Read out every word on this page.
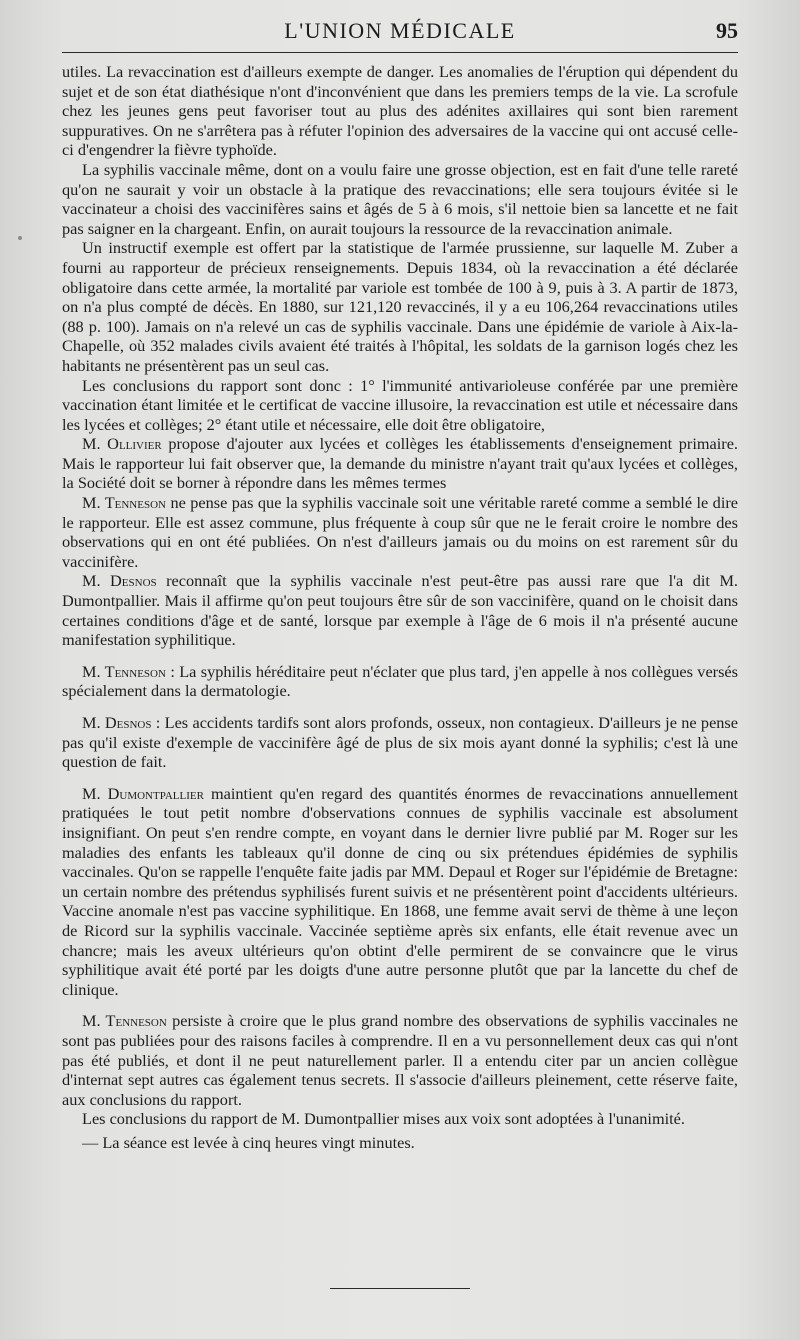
L'UNION MÉDICALE	95

utiles. La revaccination est d'ailleurs exempte de danger. Les anomalies de l'éruption qui dépendent du sujet et de son état diathésique n'ont d'inconvénient que dans les premiers temps de la vie. La scrofule chez les jeunes gens peut favoriser tout au plus des adénites axillaires qui sont bien rarement suppuratives. On ne s'arrêtera pas à réfuter l'opinion des adversaires de la vaccine qui ont accusé celle-ci d'engendrer la fièvre typhoïde.

La syphilis vaccinale même, dont on a voulu faire une grosse objection, est en fait d'une telle rareté qu'on ne saurait y voir un obstacle à la pratique des revaccinations; elle sera toujours évitée si le vaccinateur a choisi des vaccinifères sains et âgés de 5 à 6 mois, s'il nettoie bien sa lancette et ne fait pas saigner en la chargeant. Enfin, on aurait toujours la ressource de la revaccination animale.

Un instructif exemple est offert par la statistique de l'armée prussienne, sur laquelle M. Zuber a fourni au rapporteur de précieux renseignements. Depuis 1834, où la revaccination a été déclarée obligatoire dans cette armée, la mortalité par variole est tombée de 100 à 9, puis à 3. A partir de 1873, on n'a plus compté de décès. En 1880, sur 121,120 revaccinés, il y a eu 106,264 revaccinations utiles (88 p. 100). Jamais on n'a relevé un cas de syphilis vaccinale. Dans une épidémie de variole à Aix-la-Chapelle, où 352 malades civils avaient été traités à l'hôpital, les soldats de la garnison logés chez les habitants ne présentèrent pas un seul cas.

Les conclusions du rapport sont donc : 1° l'immunité antivarioleuse conférée par une première vaccination étant limitée et le certificat de vaccine illusoire, la revaccination est utile et nécessaire dans les lycées et collèges; 2° étant utile et nécessaire, elle doit être obligatoire,

M. Ollivier propose d'ajouter aux lycées et collèges les établissements d'enseignement primaire. Mais le rapporteur lui fait observer que, la demande du ministre n'ayant trait qu'aux lycées et collèges, la Société doit se borner à répondre dans les mêmes termes

M. Tenneson ne pense pas que la syphilis vaccinale soit une véritable rareté comme a semblé le dire le rapporteur. Elle est assez commune, plus fréquente à coup sûr que ne le ferait croire le nombre des observations qui en ont été publiées. On n'est d'ailleurs jamais ou du moins on est rarement sûr du vaccinifère.

M. Desnos reconnaît que la syphilis vaccinale n'est peut-être pas aussi rare que l'a dit M. Dumontpallier. Mais il affirme qu'on peut toujours être sûr de son vaccinifère, quand on le choisit dans certaines conditions d'âge et de santé, lorsque par exemple à l'âge de 6 mois il n'a présenté aucune manifestation syphilitique.

M. Tenneson : La syphilis héréditaire peut n'éclater que plus tard, j'en appelle à nos collègues versés spécialement dans la dermatologie.

M. Desnos : Les accidents tardifs sont alors profonds, osseux, non contagieux. D'ailleurs je ne pense pas qu'il existe d'exemple de vaccinifère âgé de plus de six mois ayant donné la syphilis; c'est là une question de fait.

M. Dumontpallier maintient qu'en regard des quantités énormes de revaccinations annuellement pratiquées le tout petit nombre d'observations connues de syphilis vaccinale est absolument insignifiant. On peut s'en rendre compte, en voyant dans le dernier livre publié par M. Roger sur les maladies des enfants les tableaux qu'il donne de cinq ou six prétendues épidémies de syphilis vaccinales. Qu'on se rappelle l'enquête faite jadis par MM. Depaul et Roger sur l'épidémie de Bretagne: un certain nombre des prétendus syphilisés furent suivis et ne présentèrent point d'accidents ultérieurs. Vaccine anomale n'est pas vaccine syphilitique. En 1868, une femme avait servi de thème à une leçon de Ricord sur la syphilis vaccinale. Vaccinée septième après six enfants, elle était revenue avec un chancre; mais les aveux ultérieurs qu'on obtint d'elle permirent de se convaincre que le virus syphilitique avait été porté par les doigts d'une autre personne plutôt que par la lancette du chef de clinique.

M. Tenneson persiste à croire que le plus grand nombre des observations de syphilis vaccinales ne sont pas publiées pour des raisons faciles à comprendre. Il en a vu personnellement deux cas qui n'ont pas été publiés, et dont il ne peut naturellement parler. Il a entendu citer par un ancien collègue d'internat sept autres cas également tenus secrets. Il s'associe d'ailleurs pleinement, cette réserve faite, aux conclusions du rapport.

Les conclusions du rapport de M. Dumontpallier mises aux voix sont adoptées à l'unanimité.

— La séance est levée à cinq heures vingt minutes.
